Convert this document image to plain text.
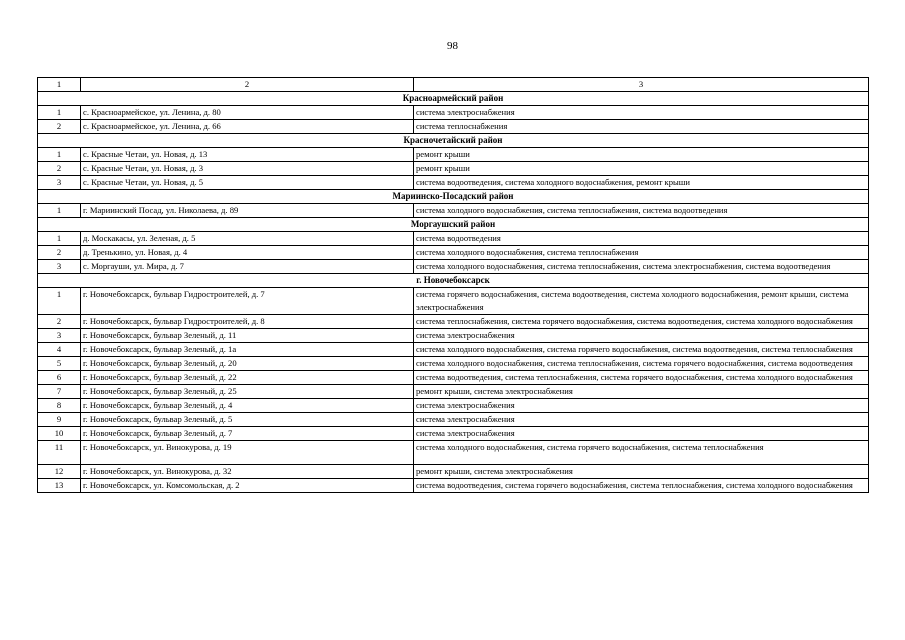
98
1	2	3
Красноармейский район		
1	с. Красноармейское, ул. Ленина, д. 80	система электроснабжения
2	с. Красноармейское, ул. Ленина, д. 66	система теплоснабжения
Красночетайский район		
1	с. Красные Четаи, ул. Новая, д. 13	ремонт крыши
2	с. Красные Четаи, ул. Новая, д. 3	ремонт крыши
3	с. Красные Четаи, ул. Новая, д. 5	система водоотведения, система холодного водоснабжения, ремонт крыши
Мариинско-Посадский район		
1	г. Мариинский Посад, ул. Николаева, д. 89	система холодного водоснабжения, система теплоснабжения, система водоотведения
Моргаушский район		
1	д. Москакасы, ул. Зеленая, д. 5	система водоотведения
2	д. Тренькино, ул. Новая, д. 4	система холодного водоснабжения, система теплоснабжения
3	с. Моргауши, ул. Мира, д. 7	система холодного водоснабжения, система теплоснабжения, система электроснабжения, система водоотведения
г. Новочебоксарск		
1	г. Новочебоксарск, бульвар Гидростроителей, д. 7	система горячего водоснабжения, система водоотведения, система холодного водоснабжения, ремонт крыши, система электроснабжения
2	г. Новочебоксарск, бульвар Гидростроителей, д. 8	система теплоснабжения, система горячего водоснабжения, система водоотведения, система холодного водоснабжения
3	г. Новочебоксарск, бульвар Зеленый, д. 11	система электроснабжения
4	г. Новочебоксарск, бульвар Зеленый, д. 1а	система холодного водоснабжения, система горячего водоснабжения, система водоотведения, система теплоснабжения
5	г. Новочебоксарск, бульвар Зеленый, д. 20	система холодного водоснабжения, система теплоснабжения, система горячего водоснабжения, система водоотведения
6	г. Новочебоксарск, бульвар Зеленый, д. 22	система водоотведения, система теплоснабжения, система горячего водоснабжения, система холодного водоснабжения
7	г. Новочебоксарск, бульвар Зеленый, д. 25	ремонт крыши, система электроснабжения
8	г. Новочебоксарск, бульвар Зеленый, д. 4	система электроснабжения
9	г. Новочебоксарск, бульвар Зеленый, д. 5	система электроснабжения
10	г. Новочебоксарск, бульвар Зеленый, д. 7	система электроснабжения
11	г. Новочебоксарск, ул. Винокурова, д. 19	система холодного водоснабжения, система горячего водоснабжения, система теплоснабжения
12	г. Новочебоксарск, ул. Винокурова, д. 32	ремонт крыши, система электроснабжения
13	г. Новочебоксарск, ул. Комсомольская, д. 2	система водоотведения, система горячего водоснабжения, система теплоснабжения, система холодного водоснабжения
